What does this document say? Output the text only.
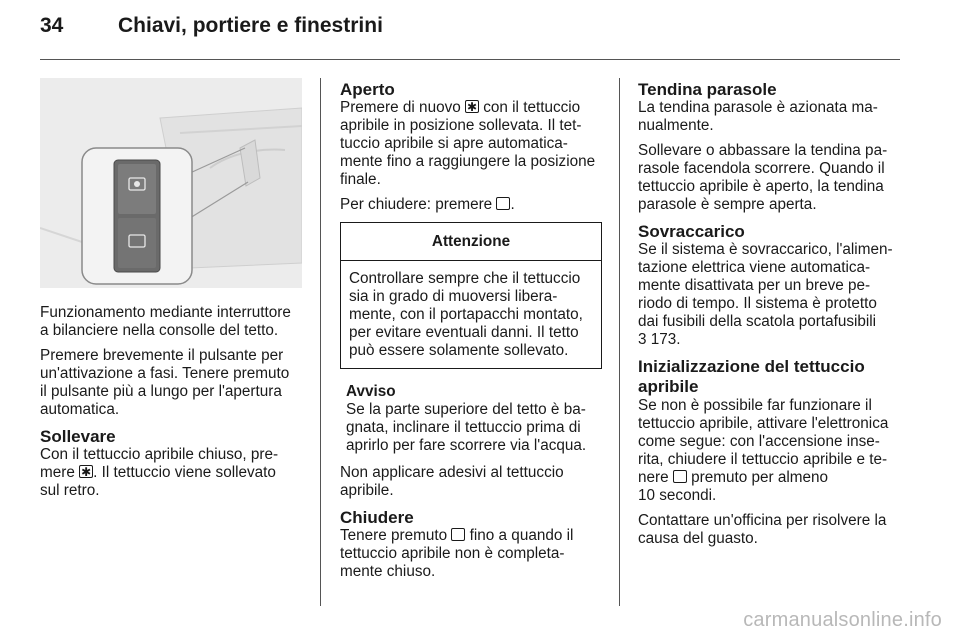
34	Chiavi, portiere e finestrini

Funzionamento mediante interruttore
a bilanciere nella consolle del tetto.

Premere brevemente il pulsante per
un'attivazione a fasi. Tenere premuto
il pulsante più a lungo per l'apertura
automatica.

Sollevare

Con il tettuccio apribile chiuso, pre-
mere ✱. Il tettuccio viene sollevato
sul retro.

Aperto

Premere di nuovo ✱ con il tettuccio
apribile in posizione sollevata. Il tet-
tuccio apribile si apre automatica-
mente fino a raggiungere la posizione
finale.

Per chiudere: premere .

Attenzione
Controllare sempre che il tettuccio
sia in grado di muoversi libera-
mente, con il portapacchi montato,
per evitare eventuali danni. Il tetto
può essere solamente sollevato.
Avviso
Se la parte superiore del tetto è ba-
gnata, inclinare il tettuccio prima di
aprirlo per fare scorrere via l'acqua.

Non applicare adesivi al tettuccio
apribile.

Chiudere

Tenere premuto  fino a quando il
tettuccio apribile non è completa-
mente chiuso.

Tendina parasole

La tendina parasole è azionata ma-
nualmente.

Sollevare o abbassare la tendina pa-
rasole facendola scorrere. Quando il
tettuccio apribile è aperto, la tendina
parasole è sempre aperta.

Sovraccarico

Se il sistema è sovraccarico, l'alimen-
tazione elettrica viene automatica-
mente disattivata per un breve pe-
riodo di tempo. Il sistema è protetto
dai fusibili della scatola portafusibili
3 173.

Inizializzazione del tettuccio
apribile

Se non è possibile far funzionare il
tettuccio apribile, attivare l'elettronica
come segue: con l'accensione inse-
rita, chiudere il tettuccio apribile e te-
nere  premuto per almeno
10 secondi.

Contattare un'officina per risolvere la
causa del guasto.

carmanualsonline.info
